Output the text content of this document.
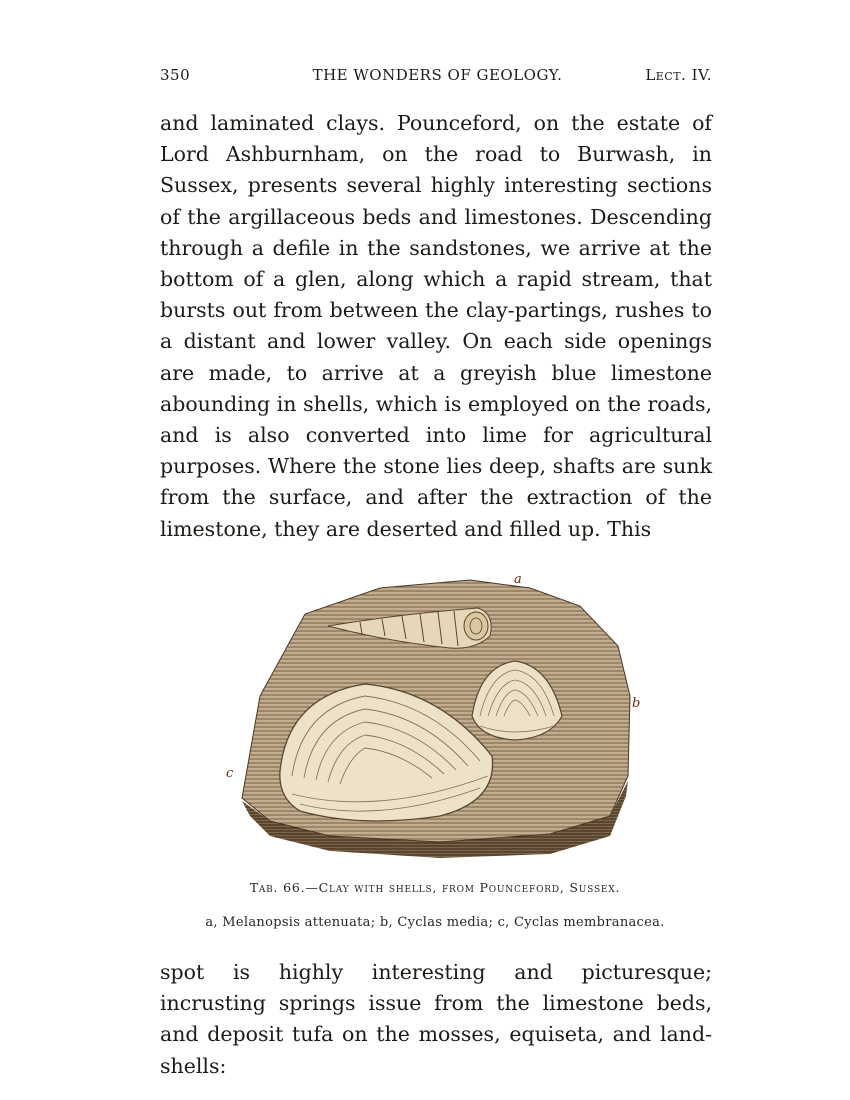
350	THE WONDERS OF GEOLOGY.	Lect. IV.

and laminated clays. Pounceford, on the estate of Lord Ashburnham, on the road to Burwash, in Sussex, presents several highly interesting sections of the argillaceous beds and limestones. Descending through a defile in the sandstones, we arrive at the bottom of a glen, along which a rapid stream, that bursts out from between the clay-partings, rushes to a distant and lower valley. On each side openings are made, to arrive at a greyish blue limestone abounding in shells, which is employed on the roads, and is also converted into lime for agricultural purposes. Where the stone lies deep, shafts are sunk from the surface, and after the extraction of the limestone, they are deserted and filled up. This

a
b
c
Tab. 66.—Clay with shells, from Pounceford, Sussex.
a, Melanopsis attenuata; b, Cyclas media; c, Cyclas membranacea.

spot is highly interesting and picturesque; incrusting springs issue from the limestone beds, and deposit tufa on the mosses, equiseta, and land-shells:
